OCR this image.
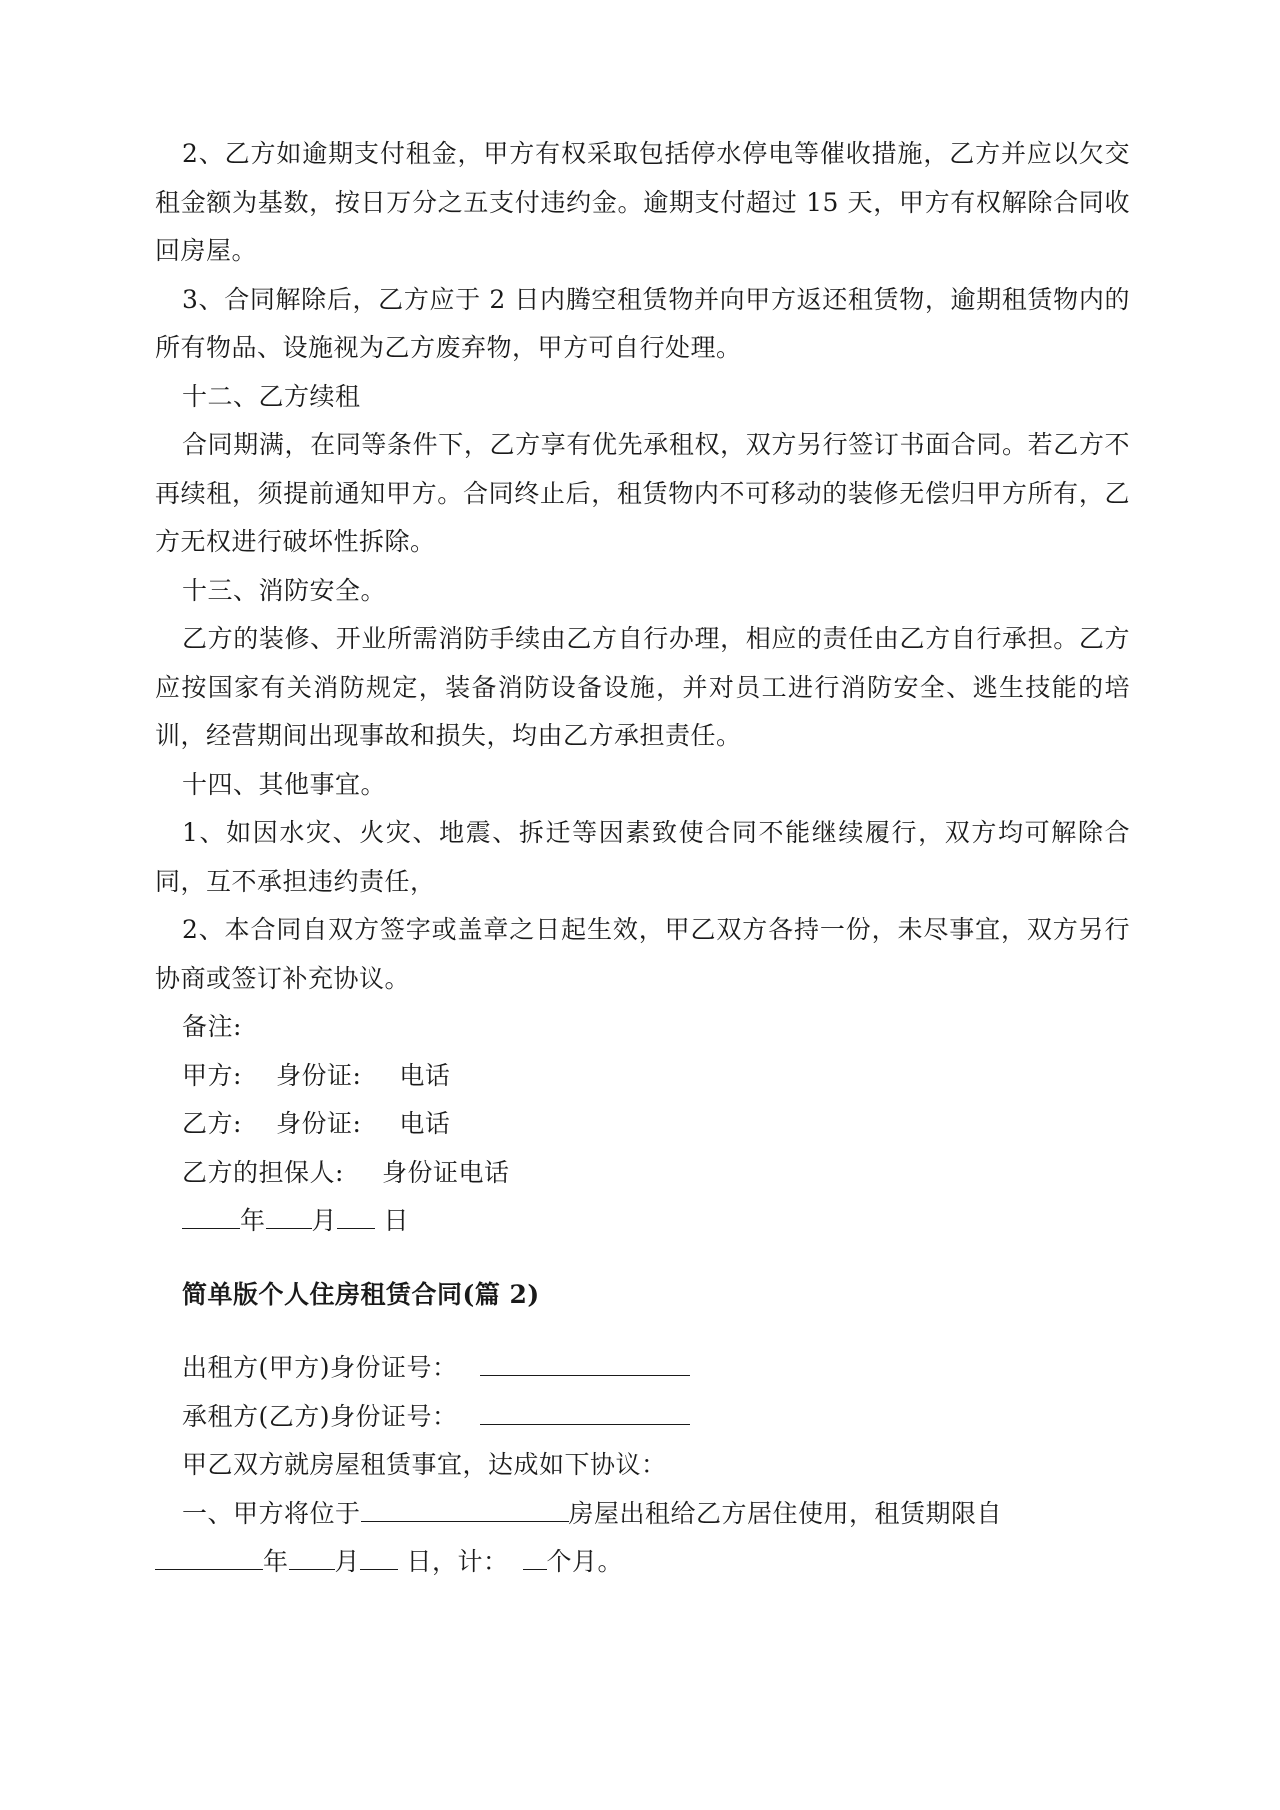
2、乙方如逾期支付租金，甲方有权采取包括停水停电等催收措施，乙方并应以欠交租金额为基数，按日万分之五支付违约金。逾期支付超过 15 天，甲方有权解除合同收回房屋。

3、合同解除后，乙方应于 2 日内腾空租赁物并向甲方返还租赁物，逾期租赁物内的所有物品、设施视为乙方废弃物，甲方可自行处理。

十二、乙方续租

合同期满，在同等条件下，乙方享有优先承租权，双方另行签订书面合同。若乙方不再续租，须提前通知甲方。合同终止后，租赁物内不可移动的装修无偿归甲方所有，乙方无权进行破坏性拆除。

十三、消防安全。

乙方的装修、开业所需消防手续由乙方自行办理，相应的责任由乙方自行承担。乙方应按国家有关消防规定，装备消防设备设施，并对员工进行消防安全、逃生技能的培训，经营期间出现事故和损失，均由乙方承担责任。

十四、其他事宜。

1、如因水灾、火灾、地震、拆迁等因素致使合同不能继续履行，双方均可解除合同，互不承担违约责任，

2、本合同自双方签字或盖章之日起生效，甲乙双方各持一份，未尽事宜，双方另行协商或签订补充协议。

备注:

甲方: 身份证: 电话

乙方: 身份证: 电话

乙方的担保人: 身份证电话

年 月 日

简单版个人住房租赁合同(篇 2)

出租方(甲方)身份证号：

承租方(乙方)身份证号：

甲乙双方就房屋租赁事宜，达成如下协议：

一、甲方将位于	房屋出租给乙方居住使用，租赁期限自
年 月 日，计： 个月。
